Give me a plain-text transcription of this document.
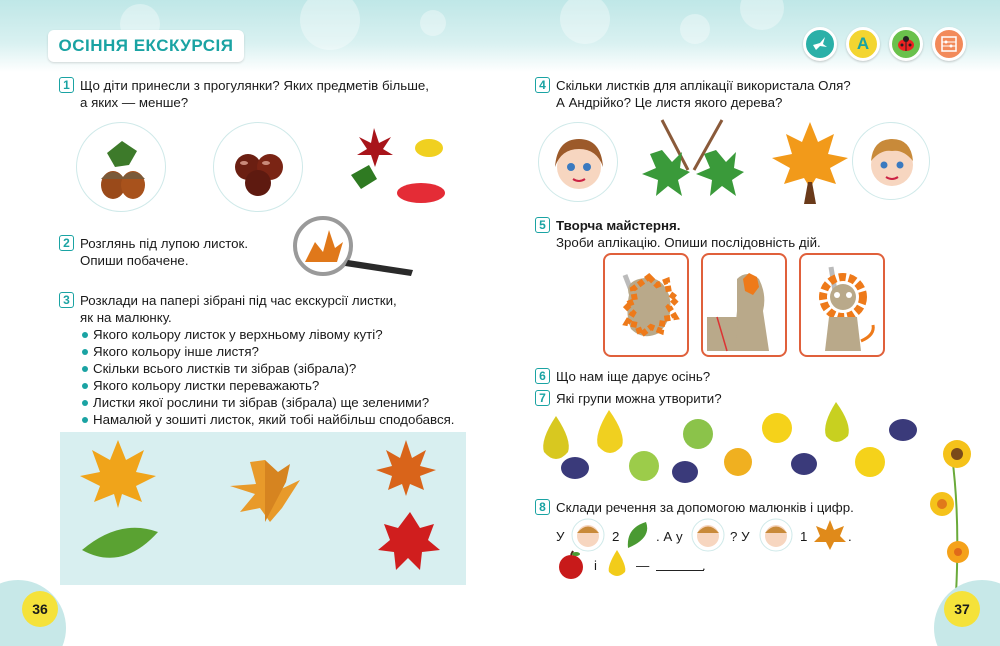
ОСІННЯ ЕКСКУРСІЯ	A
1 Що діти принесли з прогулянки? Яких предметів більше,
а яких — менше?
2 Розглянь під лупою листок.
Опиши побачене.
3 Розклади на папері зібрані під час екскурсії листки,
як на малюнку.
Якого кольору листок у верхньому лівому куті?
Якого кольору інше листя?
Скільки всього листків ти зібрав (зібрала)?
Якого кольору листки переважають?
Листки якої рослини ти зібрав (зібрала) ще зеленими?
Намалюй у зошиті листок, який тобі найбільш сподобався.
4 Скільки листків для аплікації використала Оля?
А Андрійко? Це листя якого дерева?
5 Творча майстерня.
Зроби аплікацію. Опиши послідовність дій.
6 Що нам іще дарує осінь?
7 Які групи можна утворити?
8 Склади речення за допомогою малюнків і цифр.
У	2	. А у	? У	1	.
і	—	.
36	37
